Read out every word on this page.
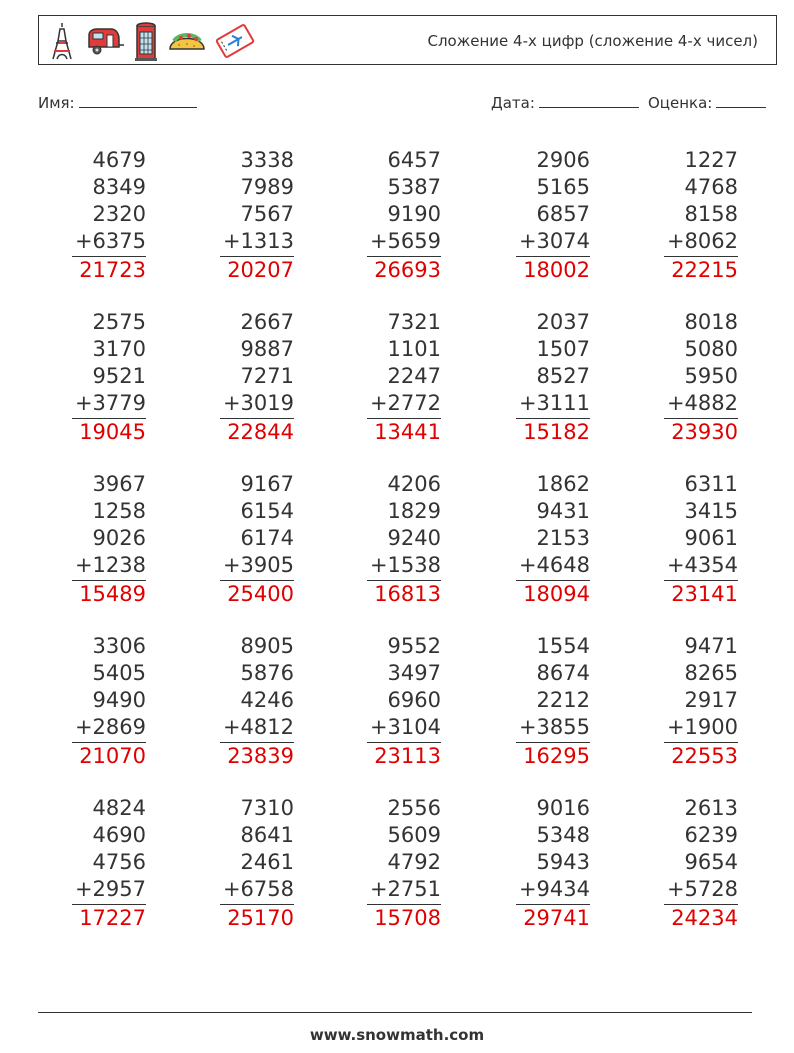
Сложение 4-х цифр (сложение 4-х чисел)
Имя:	Дата:	Оценка:
4679
8349
2320
+6375
21723
3338
7989
7567
+1313
20207
6457
5387
9190
+5659
26693
2906
5165
6857
+3074
18002
1227
4768
8158
+8062
22215
2575
3170
9521
+3779
19045
2667
9887
7271
+3019
22844
7321
1101
2247
+2772
13441
2037
1507
8527
+3111
15182
8018
5080
5950
+4882
23930
3967
1258
9026
+1238
15489
9167
6154
6174
+3905
25400
4206
1829
9240
+1538
16813
1862
9431
2153
+4648
18094
6311
3415
9061
+4354
23141
3306
5405
9490
+2869
21070
8905
5876
4246
+4812
23839
9552
3497
6960
+3104
23113
1554
8674
2212
+3855
16295
9471
8265
2917
+1900
22553
4824
4690
4756
+2957
17227
7310
8641
2461
+6758
25170
2556
5609
4792
+2751
15708
9016
5348
5943
+9434
29741
2613
6239
9654
+5728
24234
www.snowmath.com
